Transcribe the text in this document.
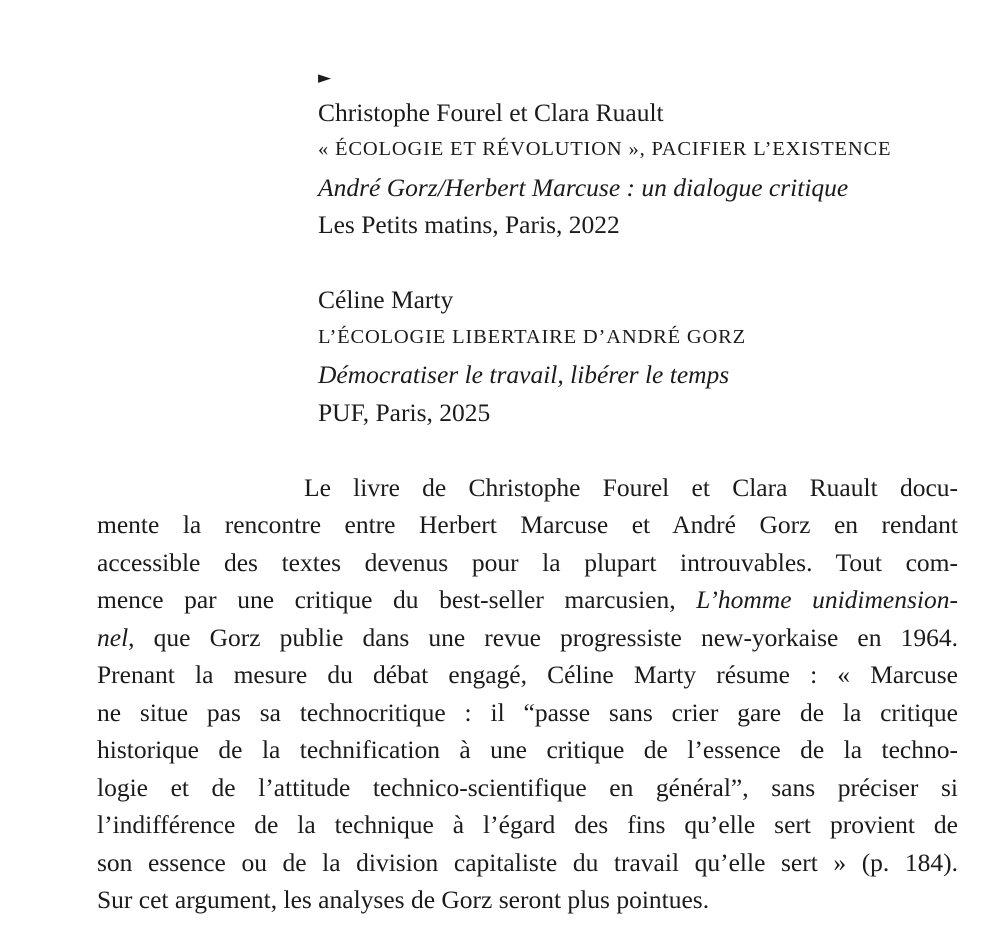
►
Christophe Fourel et Clara Ruault
« ÉCOLOGIE ET RÉVOLUTION », PACIFIER L’EXISTENCE
André Gorz/Herbert Marcuse : un dialogue critique
Les Petits matins, Paris, 2022
Céline Marty
L’ÉCOLOGIE LIBERTAIRE D’ANDRÉ GORZ
Démocratiser le travail, libérer le temps
PUF, Paris, 2025
Le livre de Christophe Fourel et Clara Ruault docu-
mente la rencontre entre Herbert Marcuse et André Gorz en rendant
accessible des textes devenus pour la plupart introuvables. Tout com-
mence par une critique du best-seller marcusien, L’homme unidimension-
nel, que Gorz publie dans une revue progressiste new-yorkaise en 1964.
Prenant la mesure du débat engagé, Céline Marty résume : « Marcuse
ne situe pas sa technocritique : il “passe sans crier gare de la critique
historique de la technification à une critique de l’essence de la techno-
logie et de l’attitude technico-scientifique en général”, sans préciser si
l’indifférence de la technique à l’égard des fins qu’elle sert provient de
son essence ou de la division capitaliste du travail qu’elle sert » (p. 184).
Sur cet argument, les analyses de Gorz seront plus pointues.
